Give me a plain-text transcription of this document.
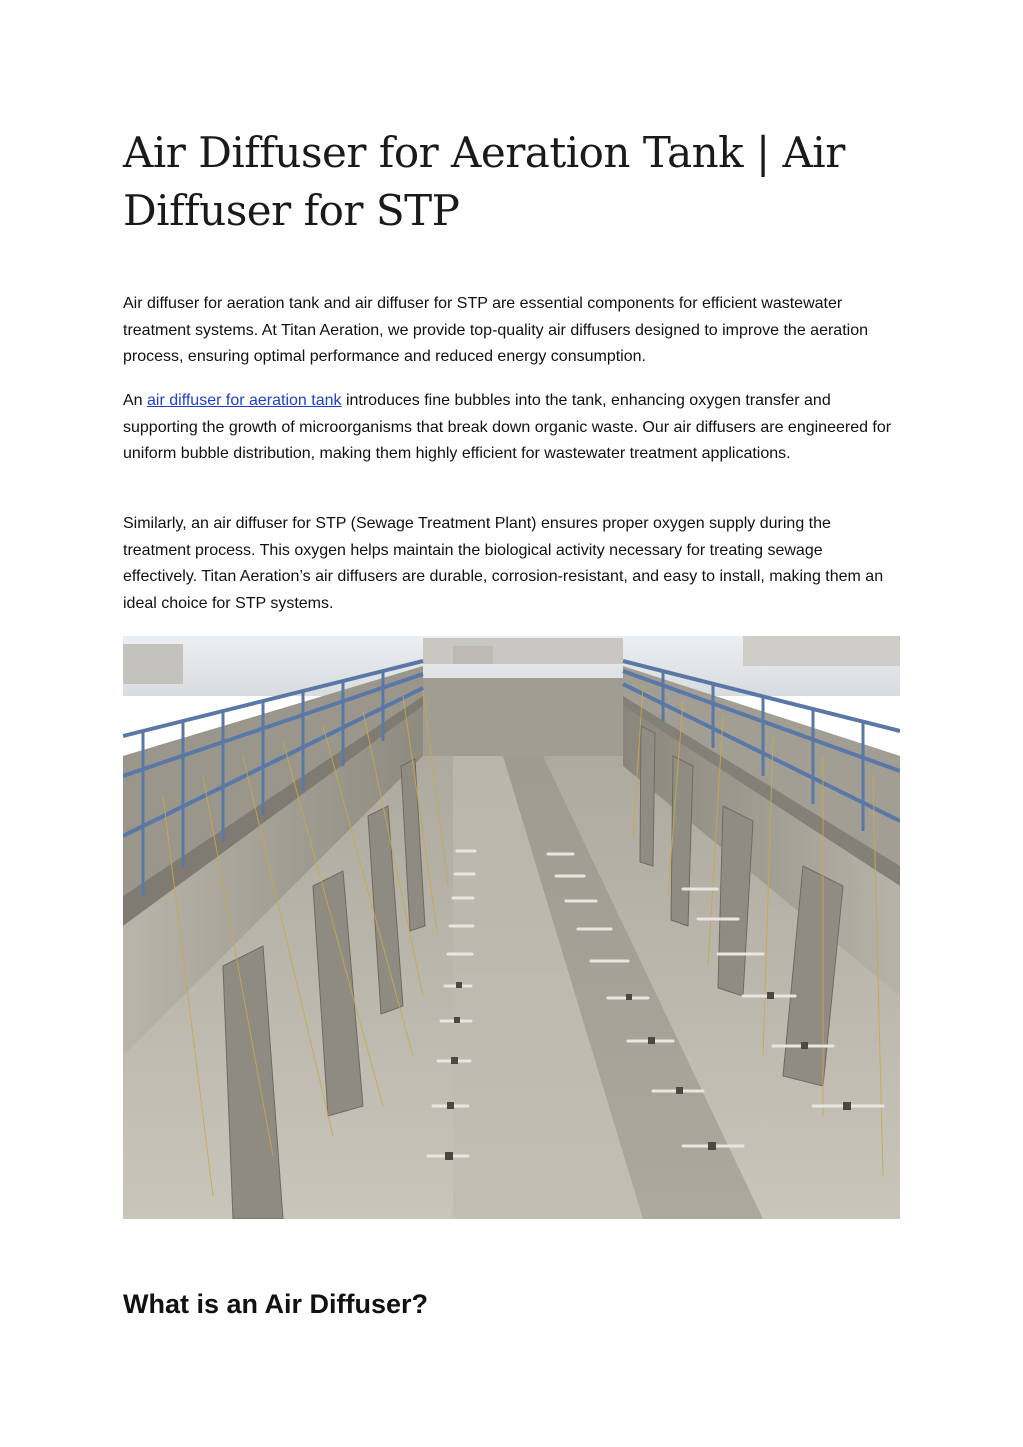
Air Diffuser for Aeration Tank | Air Diffuser for STP

Air diffuser for aeration tank and air diffuser for STP are essential components for efficient wastewater treatment systems. At Titan Aeration, we provide top-quality air diffusers designed to improve the aeration process, ensuring optimal performance and reduced energy consumption.

An air diffuser for aeration tank introduces fine bubbles into the tank, enhancing oxygen transfer and supporting the growth of microorganisms that break down organic waste. Our air diffusers are engineered for uniform bubble distribution, making them highly efficient for wastewater treatment applications.

Similarly, an air diffuser for STP (Sewage Treatment Plant) ensures proper oxygen supply during the treatment process. This oxygen helps maintain the biological activity necessary for treating sewage effectively. Titan Aeration’s air diffusers are durable, corrosion-resistant, and easy to install, making them an ideal choice for STP systems.

What is an Air Diffuser?
